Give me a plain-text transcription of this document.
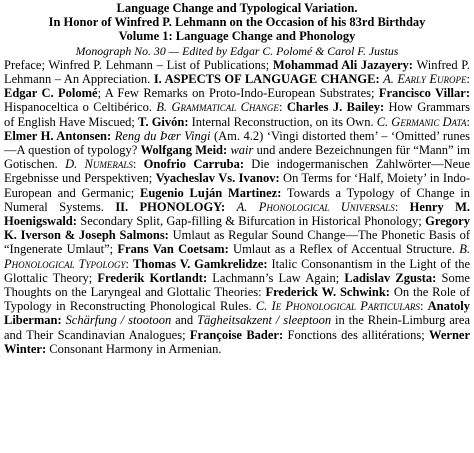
Language Change and Typological Variation.
In Honor of Winfred P. Lehmann on the Occasion of his 83rd Birthday
Volume 1: Language Change and Phonology
Monograph No. 30 — Edited by Edgar C. Polomé & Carol F. Justus

Preface; Winfred P. Lehmann – List of Publications; Mohammad Ali Jazayery: Winfred P. Lehmann – An Appreciation. I. ASPECTS OF LANGUAGE CHANGE: A. Early Europe: Edgar C. Polomé; A Few Remarks on Proto-Indo-European Substrates; Francisco Villar: Hispanoceltica o Celtibérico. B. Grammatical Change: Charles J. Bailey: How Grammars of English Have Miscued; T. Givón: Internal Reconstruction, on its Own. C. Germanic Data: Elmer H. Antonsen: Reng dи Þær Vingi (Am. 4.2) ‘Vingi distorted them’ – ‘Omitted’ runes—A question of typology? Wolfgang Meid: wair und andere Bezeichnungen für “Mann” im Gotischen. D. Numerals: Onofrio Carruba: Die indogermanischen Zahlwörter—Neue Ergebnisse und Perspektiven; Vyacheslav Vs. Ivanov: On Terms for ‘Half, Moiety’ in Indo-European and Germanic; Eugenio Luján Martinez: Towards a Typology of Change in Numeral Systems. II. PHONOLOGY: A. Phonological Universals: Henry M. Hoenigswald: Secondary Split, Gap-filling & Bifurcation in Historical Phonology; Gregory K. Iverson & Joseph Salmons: Umlaut as Regular Sound Change—The Phonetic Basis of “Ingenerate Umlaut”; Frans Van Coetsam: Umlaut as a Reflex of Accentual Structure. B. Phonological Typology: Thomas V. Gamkrelidze: Italic Consonantism in the Light of the Glottalic Theory; Frederik Kortlandt: Lachmann’s Law Again; Ladislav Zgusta: Some Thoughts on the Laryngeal and Glottalic Theories: Frederick W. Schwink: On the Role of Typology in Reconstructing Phonological Rules. C. Ie Phonological Particulars: Anatoly Liberman: Schärfung / stootoon and Tägheitsakzent / sleeptoon in the Rhein-Limburg area and Their Scandinavian Analogues; Françoise Bader: Fonctions des allitérations; Werner Winter: Consonant Harmony in Armenian.
